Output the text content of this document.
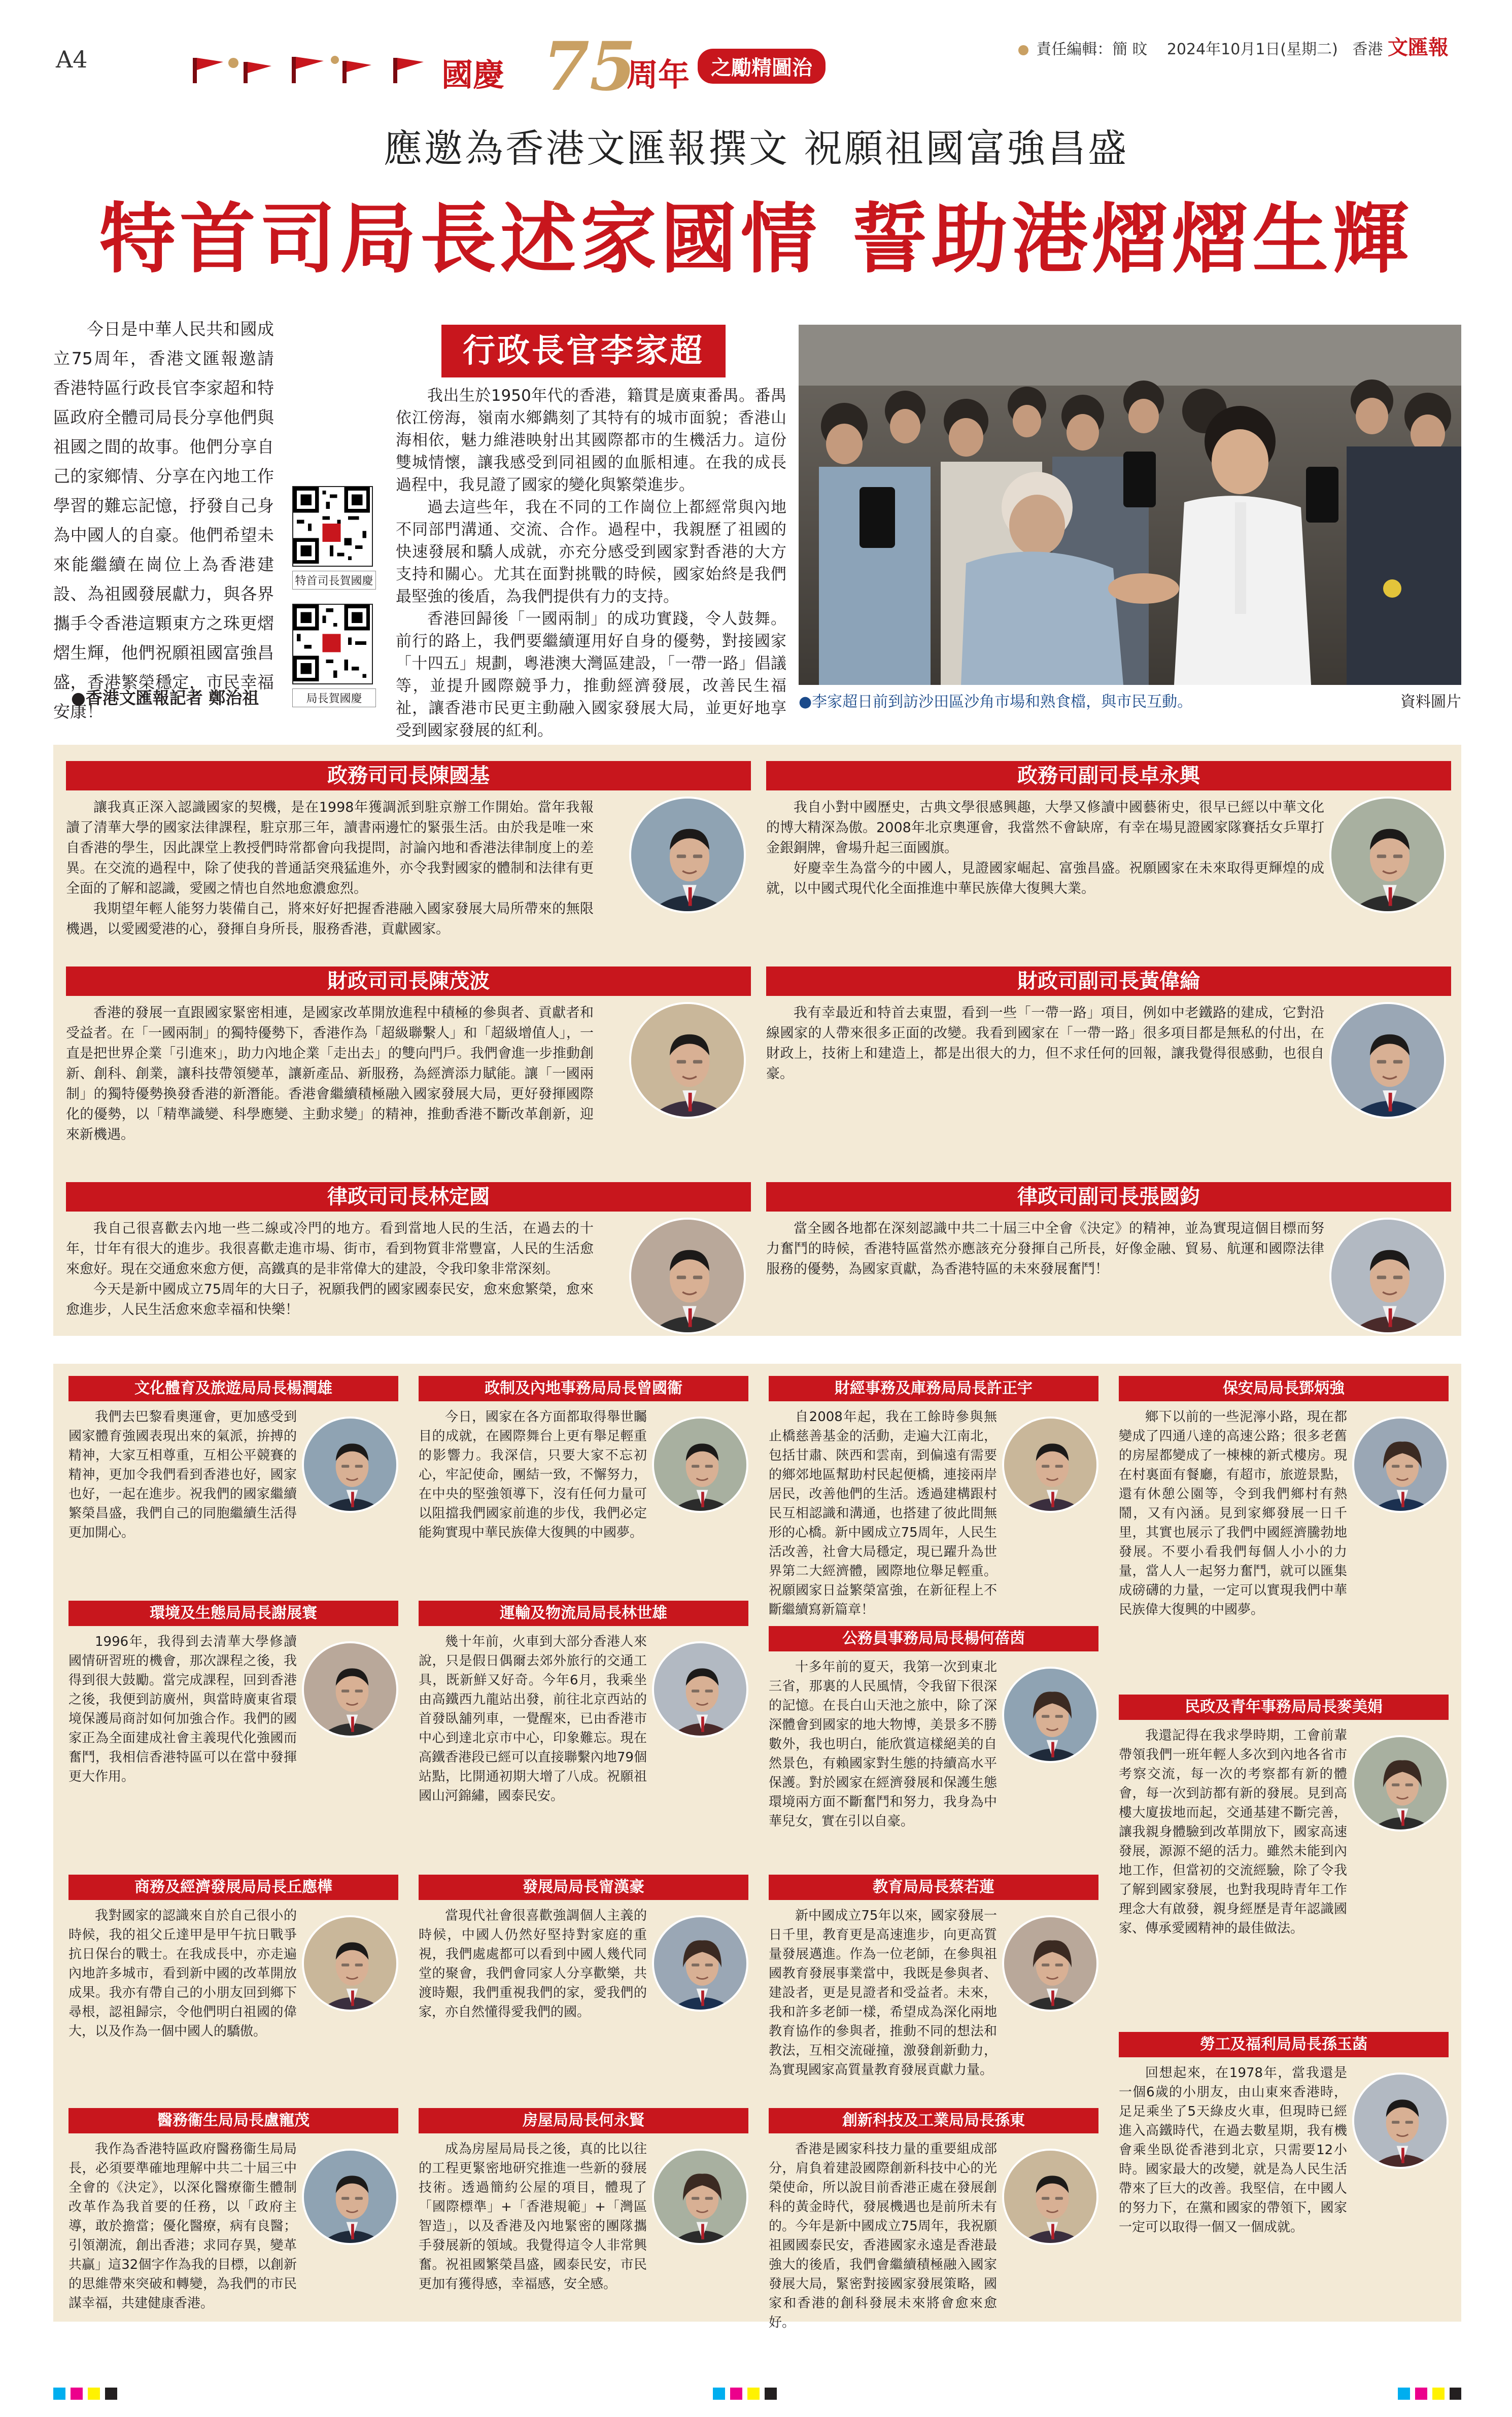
A4	國慶 75
周年	之勵精圖治
責任編輯：簡 旼 2024年10月1日(星期二) 香港 文匯報
應邀為香港文匯報撰文 祝願祖國富強昌盛
特首司局長述家國情 誓助港熠熠生輝

今日是中華人民共和國成立75周年，香港文匯報邀請香港特區行政長官李家超和特區政府全體司局長分享他們與祖國之間的故事。他們分享自己的家鄉情、分享在內地工作學習的難忘記憶，抒發自己身為中國人的自豪。他們希望未來能繼續在崗位上為香港建設、為祖國發展獻力，與各界攜手令香港這顆東方之珠更熠熠生輝，他們祝願祖國富強昌盛，香港繁榮穩定，市民幸福安康！

特首司長賀國慶
局長賀國慶
●香港文匯報記者 鄭治祖
行政長官李家超

我出生於1950年代的香港，籍貫是廣東番禺。番禺依江傍海，嶺南水鄉鐫刻了其特有的城市面貌；香港山海相依，魅力維港映射出其國際都市的生機活力。這份雙城情懷，讓我感受到同祖國的血脈相連。在我的成長過程中，我見證了國家的變化與繁榮進步。

過去這些年，我在不同的工作崗位上都經常與內地不同部門溝通、交流、合作。過程中，我親歷了祖國的快速發展和驕人成就，亦充分感受到國家對香港的大方支持和關心。尤其在面對挑戰的時候，國家始終是我們最堅強的後盾，為我們提供有力的支持。

香港回歸後「一國兩制」的成功實踐，令人鼓舞。前行的路上，我們要繼續運用好自身的優勢，對接國家「十四五」規劃，粵港澳大灣區建設，「一帶一路」倡議等，並提升國際競爭力，推動經濟發展，改善民生福祉，讓香港市民更主動融入國家發展大局，並更好地享受到國家發展的紅利。

●李家超日前到訪沙田區沙角市場和熟食檔，與市民互動。	資料圖片
政務司司長陳國基

讓我真正深入認識國家的契機，是在1998年獲調派到駐京辦工作開始。當年我報讀了清華大學的國家法律課程，駐京那三年，讀書兩邊忙的緊張生活。由於我是唯一來自香港的學生，因此課堂上教授們時常都會向我提問，討論內地和香港法律制度上的差異。在交流的過程中，除了使我的普通話突飛猛進外，亦令我對國家的體制和法律有更全面的了解和認識，愛國之情也自然地愈濃愈烈。

我期望年輕人能努力裝備自己，將來好好把握香港融入國家發展大局所帶來的無限機遇，以愛國愛港的心，發揮自身所長，服務香港，貢獻國家。

政務司副司長卓永興

我自小對中國歷史，古典文學很感興趣，大學又修讀中國藝術史，很早已經以中華文化的博大精深為傲。2008年北京奧運會，我當然不會缺席，有幸在場見證國家隊賽括女乒單打金銀銅牌，會場升起三面國旗。

好慶幸生為當今的中國人，見證國家崛起、富強昌盛。祝願國家在未來取得更輝煌的成就，以中國式現代化全面推進中華民族偉大復興大業。

財政司司長陳茂波

香港的發展一直跟國家緊密相連，是國家改革開放進程中積極的參與者、貢獻者和受益者。在「一國兩制」的獨特優勢下，香港作為「超級聯繫人」和「超級增值人」，一直是把世界企業「引進來」，助力內地企業「走出去」的雙向門戶。我們會進一步推動創新、創科、創業，讓科技帶領變革，讓新產品、新服務，為經濟添力賦能。讓「一國兩制」的獨特優勢換發香港的新潛能。香港會繼續積極融入國家發展大局，更好發揮國際化的優勢，以「精準識變、科學應變、主動求變」的精神，推動香港不斷改革創新，迎來新機遇。

財政司副司長黃偉綸

我有幸最近和特首去東盟，看到一些「一帶一路」項目，例如中老鐵路的建成，它對沿線國家的人帶來很多正面的改變。我看到國家在「一帶一路」很多項目都是無私的付出，在財政上，技術上和建造上，都是出很大的力，但不求任何的回報，讓我覺得很感動，也很自豪。

律政司司長林定國

我自己很喜歡去內地一些二線或冷門的地方。看到當地人民的生活，在過去的十年，廿年有很大的進步。我很喜歡走進市場、街市，看到物質非常豐富，人民的生活愈來愈好。現在交通愈來愈方便，高鐵真的是非常偉大的建設，令我印象非常深刻。

今天是新中國成立75周年的大日子，祝願我們的國家國泰民安，愈來愈繁榮，愈來愈進步，人民生活愈來愈幸福和快樂！

律政司副司長張國鈞

當全國各地都在深刻認識中共二十屆三中全會《決定》的精神，並為實現這個目標而努力奮鬥的時候，香港特區當然亦應該充分發揮自己所長，好像金融、貿易、航運和國際法律服務的優勢，為國家貢獻，為香港特區的未來發展奮鬥！

文化體育及旅遊局局長楊潤雄

我們去巴黎看奧運會，更加感受到國家體育強國表現出來的氣派，拚搏的精神，大家互相尊重，互相公平競賽的精神，更加令我們看到香港也好，國家也好，一起在進步。祝我們的國家繼續繁榮昌盛，我們自己的同胞繼續生活得更加開心。

環境及生態局局長謝展寰

1996年，我得到去清華大學修讀國情研習班的機會，那次課程之後，我得到很大鼓勵。當完成課程，回到香港之後，我便到訪廣州，與當時廣東省環境保護局商討如何加強合作。我們的國家正為全面建成社會主義現代化強國而奮鬥，我相信香港特區可以在當中發揮更大作用。

商務及經濟發展局局長丘應樺

我對國家的認識來自於自己很小的時候，我的祖父丘達甲是甲午抗日戰爭抗日保台的戰士。在我成長中，亦走遍內地許多城市，看到新中國的改革開放成果。我亦有帶自己的小朋友回到鄉下尋根，認祖歸宗，令他們明白祖國的偉大，以及作為一個中國人的驕傲。

醫務衞生局局長盧寵茂

我作為香港特區政府醫務衞生局局長，必須要準確地理解中共二十屆三中全會的《決定》，以深化醫療衞生體制改革作為我首要的任務，以「政府主導，敢於擔當；優化醫療，病有良醫；引領潮流，創出香港；求同存異，變革共贏」這32個字作為我的目標，以創新的思維帶來突破和轉變，為我們的市民謀幸福，共建健康香港。

政制及內地事務局局長曾國衞

今日，國家在各方面都取得舉世矚目的成就，在國際舞台上更有舉足輕重的影響力。我深信，只要大家不忘初心，牢記使命，團結一致，不懈努力，在中央的堅強領導下，沒有任何力量可以阻擋我們國家前進的步伐，我們必定能夠實現中華民族偉大復興的中國夢。

運輸及物流局局長林世雄

幾十年前，火車到大部分香港人來說，只是假日偶爾去郊外旅行的交通工具，既新鮮又好奇。今年6月，我乘坐由高鐵西九龍站出發，前往北京西站的首發臥舖列車，一覺醒來，已由香港市中心到達北京市中心，印象難忘。現在高鐵香港段已經可以直接聯繫內地79個站點，比開通初期大增了八成。祝願祖國山河錦繡，國泰民安。

發展局局長甯漢豪

當現代社會很喜歡強調個人主義的時候，中國人仍然好堅持對家庭的重視，我們處處都可以看到中國人幾代同堂的聚會，我們會同家人分享歡樂，共渡時艱，我們重視我們的家，愛我們的家，亦自然懂得愛我們的國。

房屋局局長何永賢

成為房屋局局長之後，真的比以往的工程更緊密地研究推進一些新的發展技術。透過簡約公屋的項目，體現了「國際標準」+「香港規範」+「灣區智造」，以及香港及內地緊密的團隊攜手發展新的領域。我覺得這令人非常興奮。祝祖國繁榮昌盛，國泰民安，市民更加有獲得感，幸福感，安全感。

財經事務及庫務局局長許正宇

自2008年起，我在工餘時參與無止橋慈善基金的活動，走遍大江南北，包括甘肅、陝西和雲南，到偏遠有需要的鄉郊地區幫助村民起便橋，連接兩岸居民，改善他們的生活。透過建構跟村民互相認識和溝通，也搭建了彼此間無形的心橋。新中國成立75周年，人民生活改善，社會大局穩定，現已躍升為世界第二大經濟體，國際地位舉足輕重。祝願國家日益繁榮富強，在新征程上不斷繼續寫新篇章！

公務員事務局局長楊何蓓茵

十多年前的夏天，我第一次到東北三省，那裏的人民風情，令我留下很深的記憶。在長白山天池之旅中，除了深深體會到國家的地大物博，美景多不勝數外，我也明白，能欣賞這樣絕美的自然景色，有賴國家對生態的持續高水平保護。對於國家在經濟發展和保護生態環境兩方面不斷奮鬥和努力，我身為中華兒女，實在引以自豪。

教育局局長蔡若蓮

新中國成立75年以來，國家發展一日千里，教育更是高速進步，向更高質量發展邁進。作為一位老師，在參與祖國教育發展事業當中，我既是參與者、建設者，更是見證者和受益者。未來，我和許多老師一樣，希望成為深化兩地教育協作的參與者，推動不同的想法和教法，互相交流碰撞，激發創新動力，為實現國家高質量教育發展貢獻力量。

創新科技及工業局局長孫東

香港是國家科技力量的重要組成部分，肩負着建設國際創新科技中心的光榮使命，所以說目前香港正處在發展創科的黃金時代，發展機遇也是前所未有的。今年是新中國成立75周年，我祝願祖國國泰民安，香港國家永遠是香港最強大的後盾，我們會繼續積極融入國家發展大局，緊密對接國家發展策略，國家和香港的創科發展未來將會愈來愈好。

保安局局長鄧炳強

鄉下以前的一些泥濘小路，現在都變成了四通八達的高速公路；很多老舊的房屋都變成了一棟棟的新式樓房。現在村裏面有餐廳，有超市，旅遊景點，還有休憩公園等，令到我們鄉村有熱鬧，又有內涵。見到家鄉發展一日千里，其實也展示了我們中國經濟騰勃地發展。不要小看我們每個人小小的力量，當人人一起努力奮鬥，就可以匯集成磅礴的力量，一定可以實現我們中華民族偉大復興的中國夢。

民政及青年事務局局長麥美娟

我還記得在我求學時期，工會前輩帶領我們一班年輕人多次到內地各省市考察交流，每一次的考察都有新的體會，每一次到訪都有新的發展。見到高樓大廈拔地而起，交通基建不斷完善，讓我親身體驗到改革開放下，國家高速發展，源源不絕的活力。雖然未能到內地工作，但當初的交流經驗，除了令我了解到國家發展，也對我現時青年工作理念大有啟發，親身經歷是青年認識國家、傳承愛國精神的最佳做法。

勞工及福利局局長孫玉菡

回想起來，在1978年，當我還是一個6歲的小朋友，由山東來香港時，足足乘坐了5天綠皮火車，但現時已經進入高鐵時代，在過去數星期，我有機會乘坐臥從香港到北京，只需要12小時。國家最大的改變，就是為人民生活帶來了巨大的改善。我堅信，在中國人的努力下，在黨和國家的帶領下，國家一定可以取得一個又一個成就。
